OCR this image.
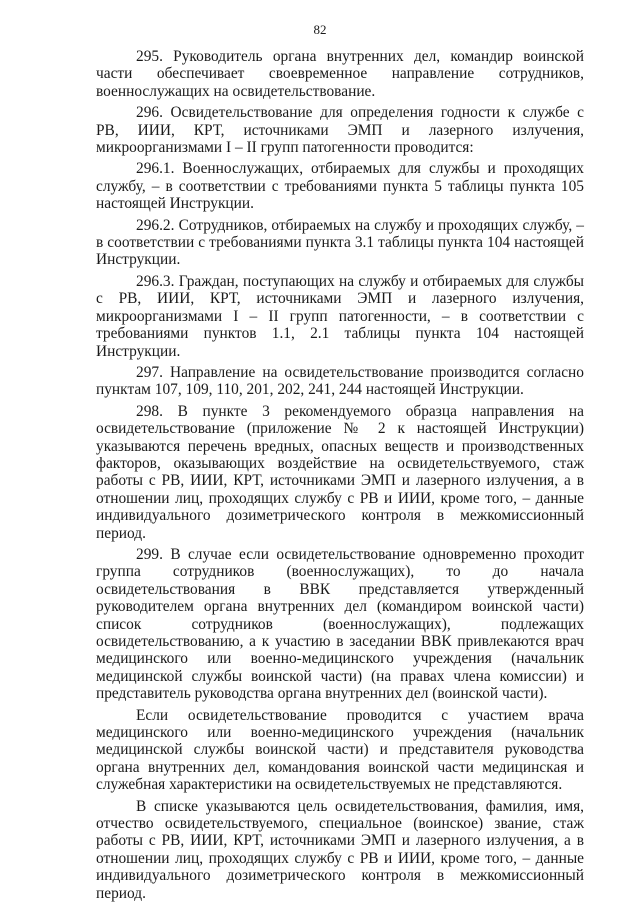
82

295. Руководитель органа внутренних дел, командир воинской части обеспечивает своевременное направление сотрудников, военнослужащих на освидетельствование.

296. Освидетельствование для определения годности к службе с РВ, ИИИ, КРТ, источниками ЭМП и лазерного излучения, микроорганизмами I – II групп патогенности проводится:

296.1. Военнослужащих, отбираемых для службы и проходящих службу, – в соответствии с требованиями пункта 5 таблицы пункта 105 настоящей Инструкции.

296.2. Сотрудников, отбираемых на службу и проходящих службу, – в соответствии с требованиями пункта 3.1 таблицы пункта 104 настоящей Инструкции.

296.3. Граждан, поступающих на службу и отбираемых для службы с РВ, ИИИ, КРТ, источниками ЭМП и лазерного излучения, микроорганизмами I – II групп патогенности, – в соответствии с требованиями пунктов 1.1, 2.1 таблицы пункта 104 настоящей Инструкции.

297. Направление на освидетельствование производится согласно пунктам 107, 109, 110, 201, 202, 241, 244 настоящей Инструкции.

298. В пункте 3 рекомендуемого образца направления на освидетельствование (приложение № 2 к настоящей Инструкции) указываются перечень вредных, опасных веществ и производственных факторов, оказывающих воздействие на освидетельствуемого, стаж работы с РВ, ИИИ, КРТ, источниками ЭМП и лазерного излучения, а в отношении лиц, проходящих службу с РВ и ИИИ, кроме того, – данные индивидуального дозиметрического контроля в межкомиссионный период.

299. В случае если освидетельствование одновременно проходит группа сотрудников (военнослужащих), то до начала освидетельствования в ВВК представляется утвержденный руководителем органа внутренних дел (командиром воинской части) список сотрудников (военнослужащих), подлежащих освидетельствованию, а к участию в заседании ВВК привлекаются врач медицинского или военно-медицинского учреждения (начальник медицинской службы воинской части) (на правах члена комиссии) и представитель руководства органа внутренних дел (воинской части).

Если освидетельствование проводится с участием врача медицинского или военно-медицинского учреждения (начальник медицинской службы воинской части) и представителя руководства органа внутренних дел, командования воинской части медицинская и служебная характеристики на освидетельствуемых не представляются.

В списке указываются цель освидетельствования, фамилия, имя, отчество освидетельствуемого, специальное (воинское) звание, стаж работы с РВ, ИИИ, КРТ, источниками ЭМП и лазерного излучения, а в отношении лиц, проходящих службу с РВ и ИИИ, кроме того, – данные индивидуального дозиметрического контроля в межкомиссионный период.
